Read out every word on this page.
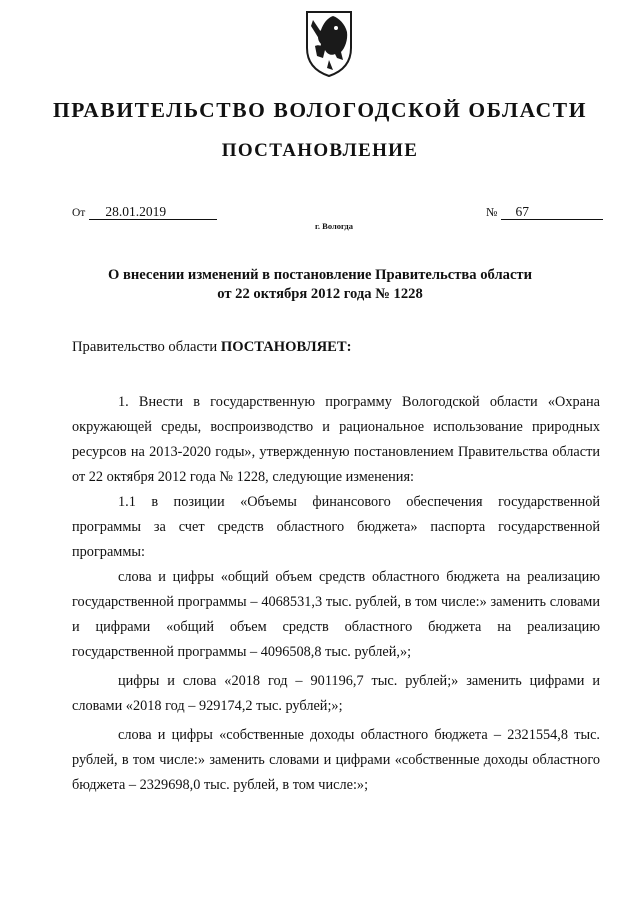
ПРАВИТЕЛЬСТВО ВОЛОГОДСКОЙ ОБЛАСТИ
ПОСТАНОВЛЕНИЕ
От 28.01.2019	№ 67
г. Вологда
О внесении изменений в постановление Правительства области
от 22 октября 2012 года № 1228
Правительство области ПОСТАНОВЛЯЕТ:

1. Внести в государственную программу Вологодской области «Охрана окружающей среды, воспроизводство и рациональное использование природных ресурсов на 2013-2020 годы», утвержденную постановлением Правительства области от 22 октября 2012 года № 1228, следующие изменения:

1.1 в позиции «Объемы финансового обеспечения государственной программы за счет средств областного бюджета» паспорта государственной программы:

слова и цифры «общий объем средств областного бюджета на реализацию государственной программы – 4068531,3 тыс. рублей, в том числе:» заменить словами и цифрами «общий объем средств областного бюджета на реализацию государственной программы – 4096508,8 тыс. рублей,»;

цифры и слова «2018 год – 901196,7 тыс. рублей;» заменить цифрами и словами «2018 год – 929174,2 тыс. рублей;»;

слова и цифры «собственные доходы областного бюджета – 2321554,8 тыс. рублей, в том числе:» заменить словами и цифрами «собственные доходы областного бюджета – 2329698,0 тыс. рублей, в том числе:»;
